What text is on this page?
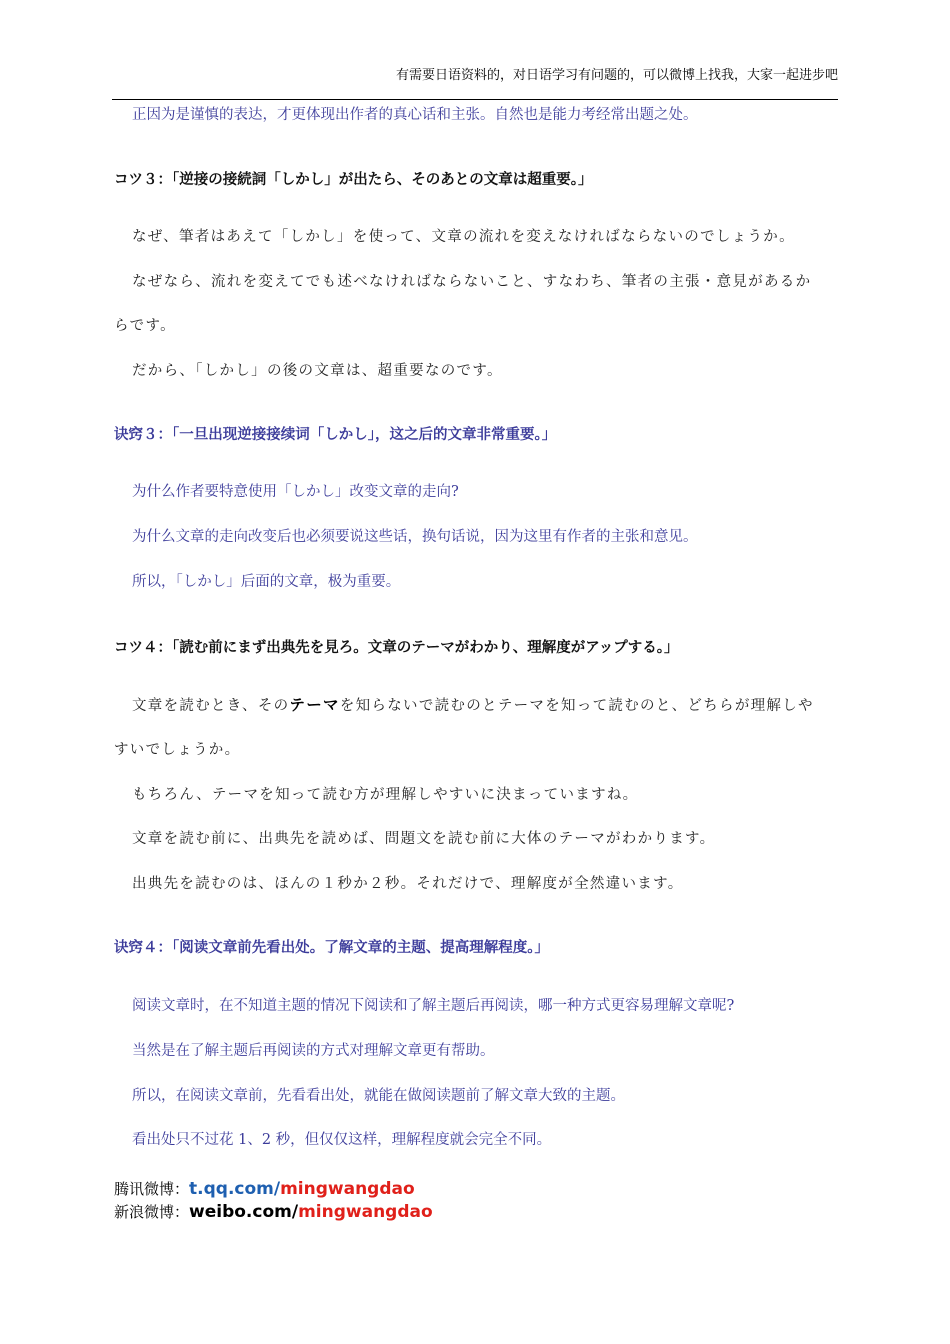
有需要日语资料的，对日语学习有问题的，可以微博上找我，大家一起进步吧
正因为是谨慎的表达，才更体现出作者的真心话和主张。自然也是能力考经常出题之处。
コツ３：「逆接の接続詞「しかし」が出たら、そのあとの文章は超重要。」
なぜ、筆者はあえて「しかし」を使って、文章の流れを変えなければならないのでしょうか。
なぜなら、流れを変えてでも述べなければならないこと、すなわち、筆者の主張・意見があるか
らです。
だから、「しかし」の後の文章は、超重要なのです。
诀窍３：「一旦出现逆接接续词「しかし」，这之后的文章非常重要。」
为什么作者要特意使用「しかし」改变文章的走向?
为什么文章的走向改变后也必须要说这些话，换句话说，因为这里有作者的主张和意见。
所以，「しかし」后面的文章，极为重要。
コツ４：「読む前にまず出典先を見ろ。文章のテーマがわかり、理解度がアップする。」
文章を読むとき、そのテーマを知らないで読むのとテーマを知って読むのと、どちらが理解しや
すいでしょうか。
もちろん、テーマを知って読む方が理解しやすいに決まっていますね。
文章を読む前に、出典先を読めば、問題文を読む前に大体のテーマがわかります。
出典先を読むのは、ほんの１秒か２秒。それだけで、理解度が全然違います。
诀窍４：「阅读文章前先看出处。了解文章的主题、提高理解程度。」
阅读文章时，在不知道主题的情况下阅读和了解主题后再阅读，哪一种方式更容易理解文章呢?
当然是在了解主题后再阅读的方式对理解文章更有帮助。
所以，在阅读文章前，先看看出处，就能在做阅读题前了解文章大致的主题。
看出处只不过花 1、2 秒，但仅仅这样，理解程度就会完全不同。
腾讯微博：t.qq.com/mingwangdao
新浪微博：weibo.com/mingwangdao
